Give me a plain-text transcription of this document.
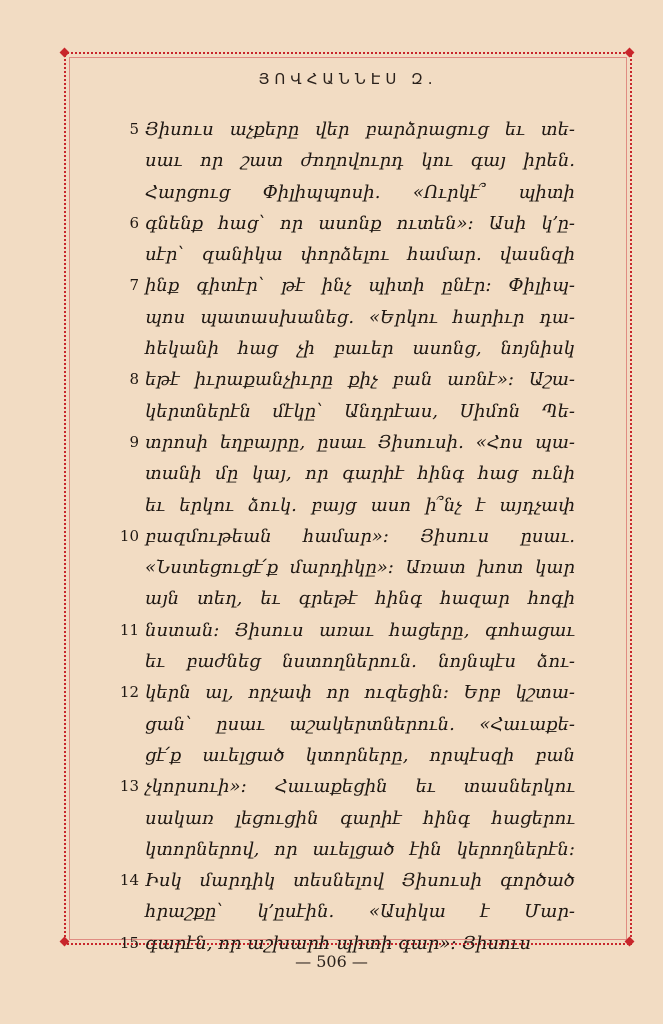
ՅՈՎՀԱՆՆԷՍ Զ.
5 Յիսուս աչքերը վեր բարձրացուց եւ տե-
սաւ որ շատ ժողովուրդ կու գայ իրեն.
Հարցուց Փիլիպպոսի. «Ուրկէ՞ պիտի
6 գնենք հաց՝ որ ասոնք ուտեն»։ Ասի կ՚ը-
սէր՝ զանիկա փորձելու համար. վասնզի
7 ինք գիտէր՝ թէ ինչ պիտի ընէր։ Փիլիպ-
պոս պատասխանեց. «Երկու հարիւր դա-
հեկանի հաց չի բաւեր ասոնց, նոյնիսկ
8 եթէ իւրաքանչիւրը քիչ բան առնէ»։ Աշա-
կերտներէն մէկը՝ Անդրէաս, Սիմոն Պե-
9 տրոսի եղբայրը, ըսաւ Յիսուսի. «Հոս պա-
տանի մը կայ, որ գարիէ հինգ հաց ունի
եւ երկու ձուկ. բայց ասո ի՞նչ է այդչափ
10 բազմութեան համար»։ Յիսուս ըսաւ.
«Նստեցուցէ՛ք մարդիկը»։ Առատ խոտ կար
այն տեղ, եւ գրեթէ հինգ հազար հոգի
11 նստան։ Յիսուս առաւ հացերը, գոհացաւ
եւ բաժնեց նստողներուն. նոյնպէս ձու-
12 կերն ալ, որչափ որ ուզեցին։ Երբ կշտա-
ցան՝ ըսաւ աշակերտներուն. «Հաւաքե-
ցէ՛ք աւելցած կտորները, որպէսզի բան
13 չկորսուի»։ Հաւաքեցին եւ տասներկու
սակառ լեցուցին գարիէ հինգ հացերու
կտորներով, որ աւելցած էին կերողներէն։
14 Իսկ մարդիկ տեսնելով Յիսուսի գործած
հրաշքը՝ կ՚ըսէին. «Ասիկա է Մար-
15 գարէն, որ աշխարհ պիտի գար»։ Յիսուս
— 506 —
